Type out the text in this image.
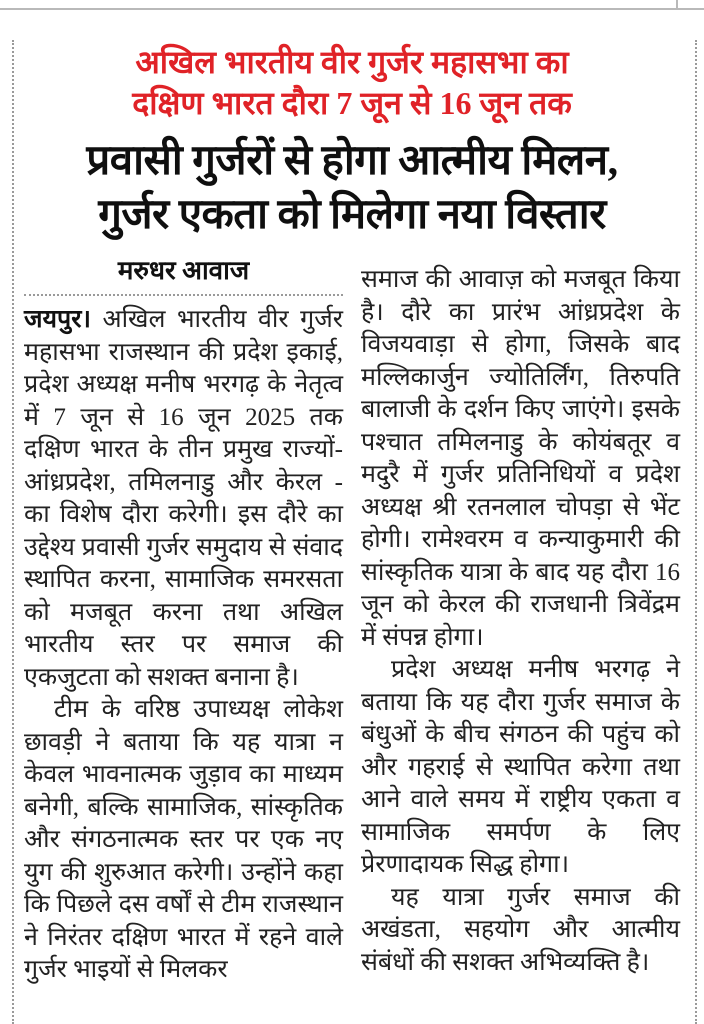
अखिल भारतीय वीर गुर्जर महासभा का
दक्षिण भारत दौरा 7 जून से 16 जून तक
प्रवासी गुर्जरों से होगा आत्मीय मिलन,
गुर्जर एकता को मिलेगा नया विस्तार
मरुधर आवाज

जयपुर। अखिल भारतीय वीर गुर्जर महासभा राजस्थान की प्रदेश इकाई, प्रदेश अध्यक्ष मनीष भरगढ़ के नेतृत्व में 7 जून से 16 जून 2025 तक दक्षिण भारत के तीन प्रमुख राज्यों- आंध्रप्रदेश, तमिलनाडु और केरल - का विशेष दौरा करेगी। इस दौरे का उद्देश्य प्रवासी गुर्जर समुदाय से संवाद स्थापित करना, सामाजिक समरसता को मजबूत करना तथा अखिल भारतीय स्तर पर समाज की एकजुटता को सशक्त बनाना है।

टीम के वरिष्ठ उपाध्यक्ष लोकेश छावड़ी ने बताया कि यह यात्रा न केवल भावनात्मक जुड़ाव का माध्यम बनेगी, बल्कि सामाजिक, सांस्कृतिक और संगठनात्मक स्तर पर एक नए युग की शुरुआत करेगी। उन्होंने कहा कि पिछले दस वर्षों से टीम राजस्थान ने निरंतर दक्षिण भारत में रहने वाले गुर्जर भाइयों से मिलकर

समाज की आवाज़ को मजबूत किया है। दौरे का प्रारंभ आंध्रप्रदेश के विजयवाड़ा से होगा, जिसके बाद मल्लिकार्जुन ज्योतिर्लिंग, तिरुपति बालाजी के दर्शन किए जाएंगे। इसके पश्चात तमिलनाडु के कोयंबतूर व मदुरै में गुर्जर प्रतिनिधियों व प्रदेश अध्यक्ष श्री रतनलाल चोपड़ा से भेंट होगी। रामेश्वरम व कन्याकुमारी की सांस्कृतिक यात्रा के बाद यह दौरा 16 जून को केरल की राजधानी त्रिवेंद्रम में संपन्न होगा।

प्रदेश अध्यक्ष मनीष भरगढ़ ने बताया कि यह दौरा गुर्जर समाज के बंधुओं के बीच संगठन की पहुंच को और गहराई से स्थापित करेगा तथा आने वाले समय में राष्ट्रीय एकता व सामाजिक समर्पण के लिए प्रेरणादायक सिद्ध होगा।

यह यात्रा गुर्जर समाज की अखंडता, सहयोग और आत्मीय संबंधों की सशक्त अभिव्यक्ति है।
